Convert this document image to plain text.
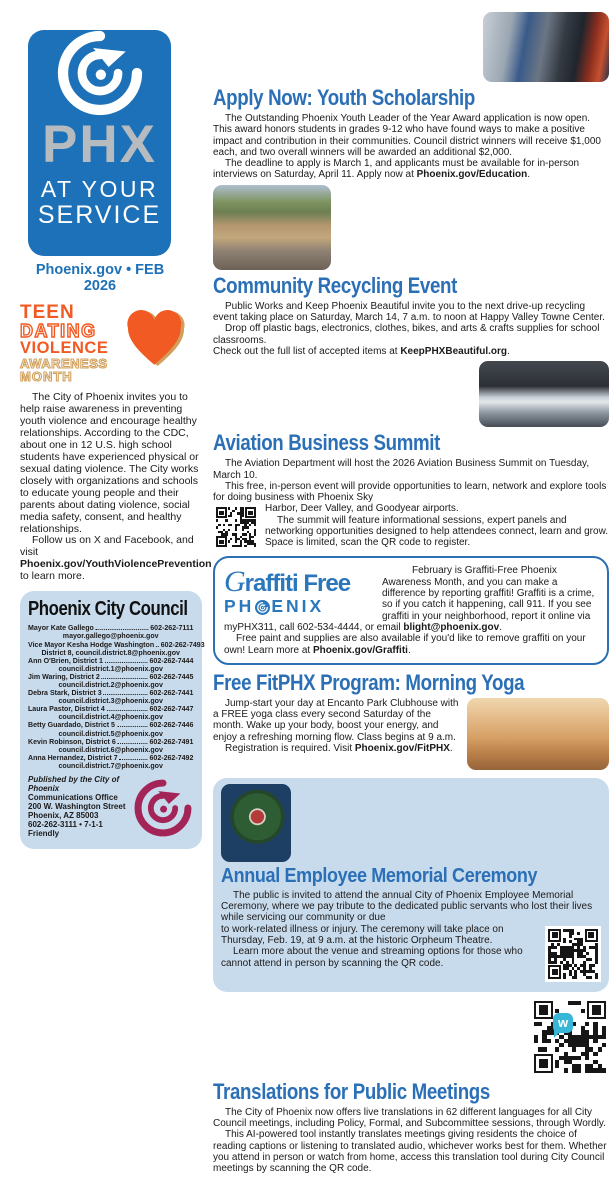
PHX
AT YOUR
SERVICE
Phoenix.gov • FEB 2026
TEEN
DATING
VIOLENCE
AWARENESS
MONTH

The City of Phoenix invites you to help raise awareness in preventing youth violence and encourage healthy relationships. According to the CDC, about one in 12 U.S. high school students have experienced physical or sexual dating violence. The City works closely with organizations and schools to educate young people and their parents about dating violence, social media safety, consent, and healthy relationships.

Follow us on X and Facebook, and visit Phoenix.gov/YouthViolencePrevention to learn more.

Phoenix City Council
Mayor Kate Gallego	602-262-7111
mayor.gallego@phoenix.gov
Vice Mayor Kesha Hodge Washington 602-262-7493
District 8, council.district.8@phoenix.gov
Ann O'Brien, District 1	602-262-7444
council.district.1@phoenix.gov
Jim Waring, District 2	602-262-7445
council.district.2@phoenix.gov
Debra Stark, District 3	602-262-7441
council.district.3@phoenix.gov
Laura Pastor, District 4	602-262-7447
council.district.4@phoenix.gov
Betty Guardado, District 5	602-262-7446
council.district.5@phoenix.gov
Kevin Robinson, District 6	602-262-7491
council.district.6@phoenix.gov
Anna Hernandez, District 7	602-262-7492
council.district.7@phoenix.gov
Published by the City of Phoenix
Communications Office
200 W. Washington Street
Phoenix, AZ 85003
602-262-3111 • 7-1-1 Friendly
Apply Now: Youth Scholarship

The Outstanding Phoenix Youth Leader of the Year Award application is now open. This award honors students in grades 9-12 who have found ways to make a positive impact and contribution in their communities. Council district winners will receive $1,000 each, and two overall winners will be awarded an additional $2,000.

The deadline to apply is March 1, and applicants must be available for in-person interviews on Saturday, April 11. Apply now at Phoenix.gov/Education.

Community Recycling Event

Public Works and Keep Phoenix Beautiful invite you to the next drive-up recycling event taking place on Saturday, March 14, 7 a.m. to noon at Happy Valley Towne Center.

Drop off plastic bags, electronics, clothes, bikes, and arts & crafts supplies for school classrooms.

Check out the full list of accepted items at KeepPHXBeautiful.org.

Aviation Business Summit

The Aviation Department will host the 2026 Aviation Business Summit on Tuesday, March 10.

This free, in-person event will provide opportunities to learn, network and explore tools for doing business with Phoenix Sky

Harbor, Deer Valley, and Goodyear airports.

The summit will feature informational sessions, expert panels and networking opportunities designed to help attendees connect, learn and grow. Space is limited, scan the QR code to register.

Graffiti Free
PH ENIX

February is Graffiti-Free Phoenix Awareness Month, and you can make a difference by reporting graffiti! Graffiti is a crime, so if you catch it happening, call 911. If you see graffiti in your neighborhood, report it online via myPHX311, call 602-534-4444, or email blight@phoenix.gov.

Free paint and supplies are also available if you'd like to remove graffiti on your own! Learn more at Phoenix.gov/Graffiti.

Free FitPHX Program: Morning Yoga

Jump-start your day at Encanto Park Clubhouse with a FREE yoga class every second Saturday of the month. Wake up your body, boost your energy, and enjoy a refreshing morning flow. Class begins at 9 a.m.

Registration is required. Visit Phoenix.gov/FitPHX.

Annual Employee Memorial Ceremony

The public is invited to attend the annual City of Phoenix Employee Memorial Ceremony, where we pay tribute to the dedicated public servants who lost their lives while servicing our community or due

to work-related illness or injury. The ceremony will take place on Thursday, Feb. 19, at 9 a.m. at the historic Orpheum Theatre.

Learn more about the venue and streaming options for those who cannot attend in person by scanning the QR code.

w
Translations for Public Meetings

The City of Phoenix now offers live translations in 62 different languages for all City Council meetings, including Policy, Formal, and Subcommittee sessions, through Wordly.

This AI-powered tool instantly translates meetings giving residents the choice of reading captions or listening to translated audio, whichever works best for them. Whether you attend in person or watch from home, access this translation tool during City Council meetings by scanning the QR code.
